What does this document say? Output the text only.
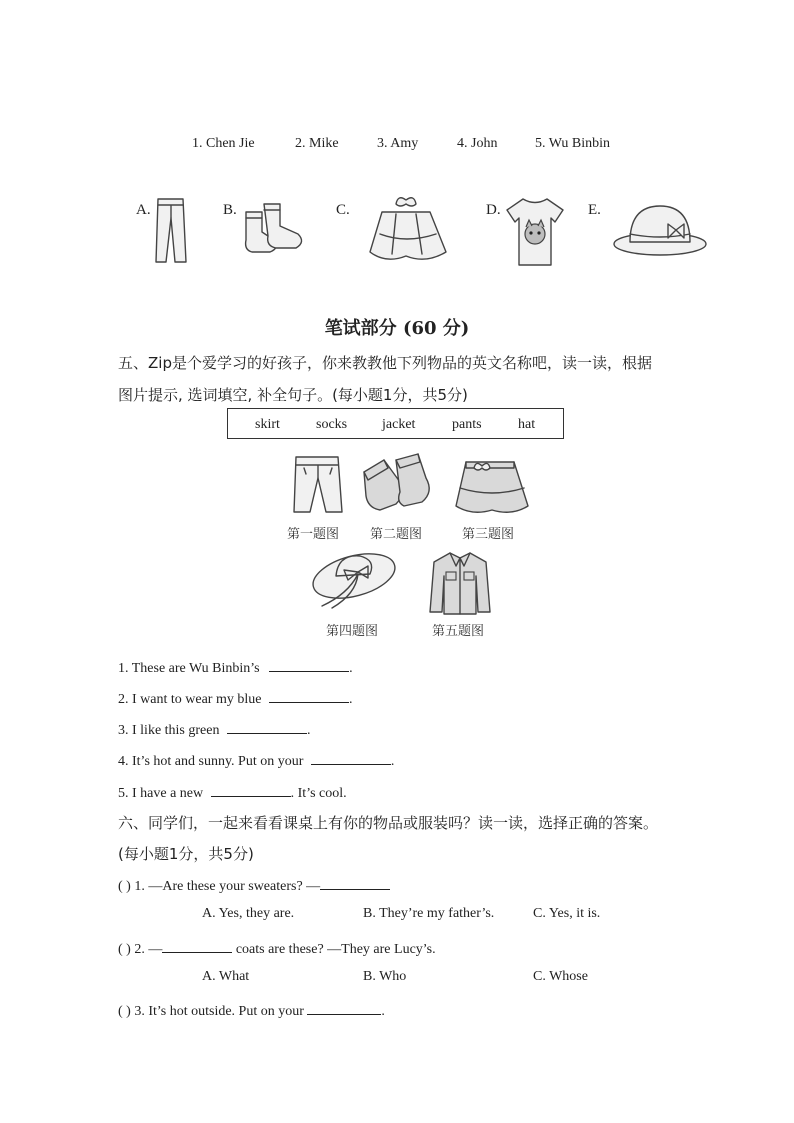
1. Chen Jie	2. Mike	3. Amy	4. John	5. Wu Binbin
A.	B.	C.	D.	E.
笔试部分 (60 分)
五、Zip是个爱学习的好孩子，你来教教他下列物品的英文名称吧，读一读，根据
图片提示, 选词填空, 补全句子。(每小题1分，共5分)
skirt	socks jacket	pants	hat
第一题图 第二题图	第三题图
第四题图	第五题图
1. These are Wu Binbin’s	.
2. I want to wear my blue	.
3. I like this green	.
4. It’s hot and sunny. Put on your	.
5. I have a new	. It’s cool.
六、同学们，一起来看看课桌上有你的物品或服装吗？读一读，选择正确的答案。
(每小题1分，共5分)
( ) 1. —Are these your sweaters? —
A. Yes, they are.	B. They’re my father’s.	C. Yes, it is.
( ) 2. —	coats are these? —They are Lucy’s.
A. What	B. Who	C. Whose
( ) 3. It’s hot outside. Put on your	.
